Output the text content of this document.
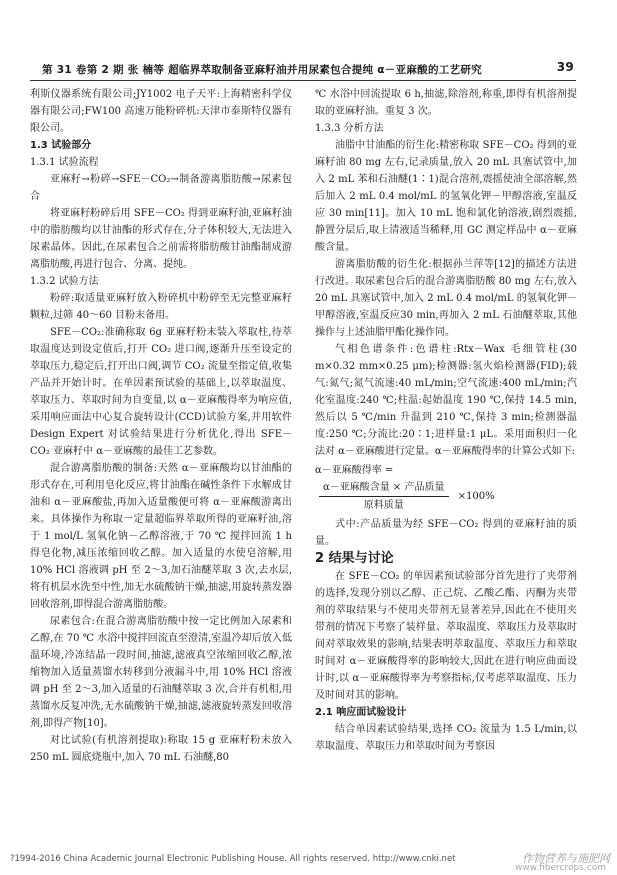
第 31 卷第 2 期 张 楠等 超临界萃取制备亚麻籽油并用尿素包合提纯 α－亚麻酸的工艺研究	39

利斯仪器系统有限公司;JY1002 电子天平:上海精密科学仪器有限公司;FW100 高速万能粉碎机:天津市泰斯特仪器有限公司。

1.3 试验部分

1.3.1 试验流程

亚麻籽→粉碎→SFE－CO₂→制备游离脂肪酸→尿素包合

将亚麻籽粉碎后用 SFE－CO₂ 得到亚麻籽油,亚麻籽油中的脂肪酸均以甘油酯的形式存在,分子体积较大,无法进入尿素晶体。因此,在尿素包合之前需将脂肪酸甘油酯制成游离脂肪酸,再进行包合、分离、提纯。

1.3.2 试验方法

粉碎:取适量亚麻籽放入粉碎机中粉碎至无完整亚麻籽颗粒,过筛 40～60 目粉末备用。

SFE－CO₂:准确称取 6g 亚麻籽粉末装入萃取柱,待萃取温度达到设定值后,打开 CO₂ 进口阀,逐渐升压至设定的萃取压力,稳定后,打开出口阀,调节 CO₂ 流量至指定值,收集产品并开始计时。在单因素预试验的基础上,以萃取温度、萃取压力、萃取时间为自变量,以 α－亚麻酸得率为响应值,采用响应面法中心复合旋转设计(CCD)试验方案,并用软件 Design Expert 对试验结果进行分析优化,得出 SFE－CO₂ 亚麻籽中 α－亚麻酸的最佳工艺参数。

混合游离脂肪酸的制备:天然 α－亚麻酸均以甘油酯的形式存在,可利用皂化反应,将甘油酯在碱性条件下水解成甘油和 α－亚麻酸盐,再加入适量酸便可将 α－亚麻酸游离出来。具体操作为称取一定量超临界萃取所得的亚麻籽油,溶于 1 mol/L 氢氧化钠－乙醇溶液,于 70 ℃ 搅拌回流 1 h 得皂化物,减压浓缩回收乙醇。加入适量的水使皂溶解,用 10% HCl 溶液调 pH 至 2～3,加石油醚萃取 3 次,去水层,将有机层水洗至中性,加无水硫酸钠干燥,抽滤,用旋转蒸发器回收溶剂,即得混合游离脂肪酸。

尿素包合:在混合游离脂肪酸中按一定比例加入尿素和乙醇,在 70 ℃ 水浴中搅拌回流直至澄清,室温冷却后放入低温环境,冷冻结晶一段时间,抽滤,滤液真空浓缩回收乙醇,浓缩物加入适量蒸馏水转移到分液漏斗中,用 10% HCl 溶液调 pH 至 2～3,加入适量的石油醚萃取 3 次,合并有机相,用蒸馏水反复冲洗,无水硫酸钠干燥,抽滤,滤液旋转蒸发回收溶剂,即得产物[10]。

对比试验(有机溶剂提取):称取 15 g 亚麻籽粉末放入 250 mL 圆底烧瓶中,加入 70 mL 石油醚,80

℃ 水浴中回流提取 6 h,抽滤,除溶剂,称重,即得有机溶剂提取的亚麻籽油。重复 3 次。

1.3.3 分析方法

油脂中甘油酯的衍生化:精密称取 SFE－CO₂ 得到的亚麻籽油 80 mg 左右,记录质量,放入 20 mL 具塞试管中,加入 2 mL 苯和石油醚(1∶1)混合溶剂,震摇使油全部溶解,然后加入 2 mL 0.4 mol/mL 的氢氧化钾－甲醇溶液,室温反应 30 min[11]。加入 10 mL 饱和氯化钠溶液,剧烈震摇,静置分层后,取上清液适当稀释,用 GC 测定样品中 α－亚麻酸含量。

游离脂肪酸的衍生化:根据孙兰萍等[12]的描述方法进行改进。取尿素包合后的混合游离脂肪酸 80 mg 左右,放入 20 mL 具塞试管中,加入 2 mL 0.4 mol/mL 的氢氧化钾－甲醇溶液,室温反应30 min,再加入 2 mL 石油醚萃取,其他操作与上述油脂甲酯化操作同。

气相色谱条件:色谱柱:Rtx－Wax 毛细管柱(30 m×0.32 mm×0.25 μm);检测器:氢火焰检测器(FID);载气:氮气;氮气流速:40 mL/min;空气流速:400 mL/min;汽化室温度:240 ℃;柱温:起始温度 190 ℃,保持 14.5 min,然后以 5 ℃/min 升温到 210 ℃,保持 3 min;检测器温度:250 ℃;分流比:20∶1;进样量:1 μL。采用面积归一化法对 α－亚麻酸进行定量。α－亚麻酸得率的计算公式如下:

α－亚麻酸得率 =
$\frac{\text{α－亚麻酸含量 × 产品质量}}{\text{原料质量}} \times 100\%$

式中:产品质量为经 SFE－CO₂ 得到的亚麻籽油的质量。

2 结果与讨论

在 SFE－CO₂ 的单因素预试验部分首先进行了夹带剂的选择,发现分别以乙醇、正己烷、乙酸乙酯、丙酮为夹带剂的萃取结果与不使用夹带剂无显著差异,因此在不使用夹带剂的情况下考察了装样量、萃取温度、萃取压力及萃取时间对萃取效果的影响,结果表明萃取温度、萃取压力和萃取时间对 α－亚麻酸得率的影响较大,因此在进行响应曲面设计时,以 α－亚麻酸得率为考察指标,仅考虑萃取温度、压力及时间对其的影响。

2.1 响应面试验设计

结合单因素试验结果,选择 CO₂ 流量为 1.5 L/min,以萃取温度、萃取压力和萃取时间为考察因

?1994-2016 China Academic Journal Electronic Publishing House. All rights reserved. http://www.cnki.net	作物营养与施肥网
www.fibercrops.com
